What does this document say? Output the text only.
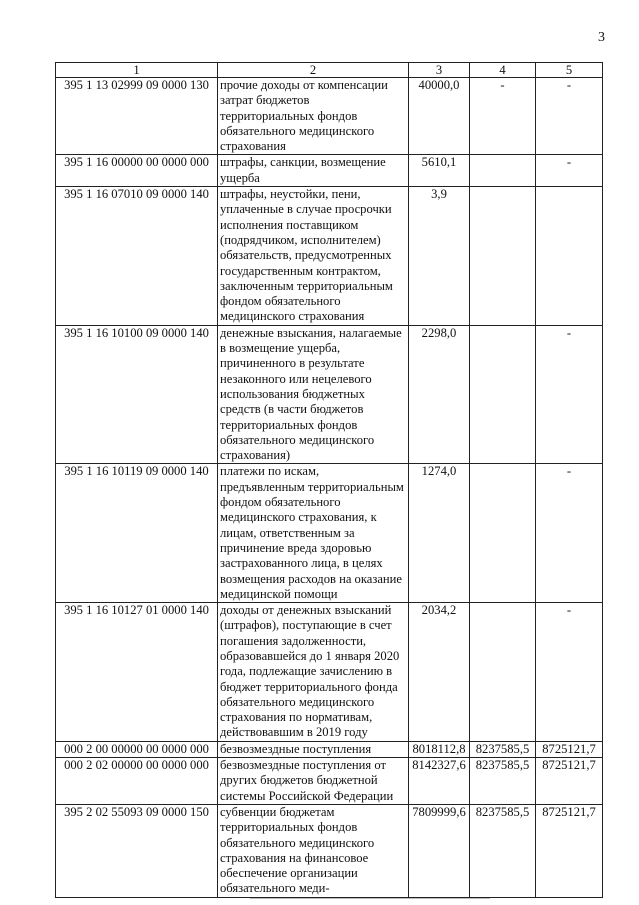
3
1	2	3	4	5
395 1 13 02999 09 0000 130	прочие доходы от компенсации затрат бюджетов территориальных фондов обязательного медицинского страхования	40000,0	-	-
395 1 16 00000 00 0000 000	штрафы, санкции, возмещение ущерба	5610,1		-
395 1 16 07010 09 0000 140	штрафы, неустойки, пени, уплаченные в случае просрочки исполнения поставщиком (подрядчиком, исполнителем) обязательств, предусмотренных государственным контрактом, заключенным территориальным фондом обязательного медицинского страхования	3,9		
395 1 16 10100 09 0000 140	денежные взыскания, налагаемые в возмещение ущерба, причиненного в результате незаконного или нецелевого использования бюджетных средств (в части бюджетов территориальных фондов обязательного медицинского страхования)	2298,0		-
395 1 16 10119 09 0000 140	платежи по искам, предъявленным территориальным фондом обязательного медицинского страхования, к лицам, ответственным за причинение вреда здоровью застрахованного лица, в целях возмещения расходов на оказание медицинской помощи	1274,0		-
395 1 16 10127 01 0000 140	доходы от денежных взысканий (штрафов), поступающие в счет погашения задолженности, образовавшейся до 1 января 2020 года, подлежащие зачислению в бюджет территориального фонда обязательного медицинского страхования по нормативам, действовавшим в 2019 году	2034,2		-
000 2 00 00000 00 0000 000	безвозмездные поступления	8018112,8	8237585,5	8725121,7
000 2 02 00000 00 0000 000	безвозмездные поступления от других бюджетов бюджетной системы Российской Федерации	8142327,6	8237585,5	8725121,7
395 2 02 55093 09 0000 150	субвенции бюджетам территориальных фондов обязательного медицинского страхования на финансовое обеспечение организации обязательного меди-	7809999,6	8237585,5	8725121,7
